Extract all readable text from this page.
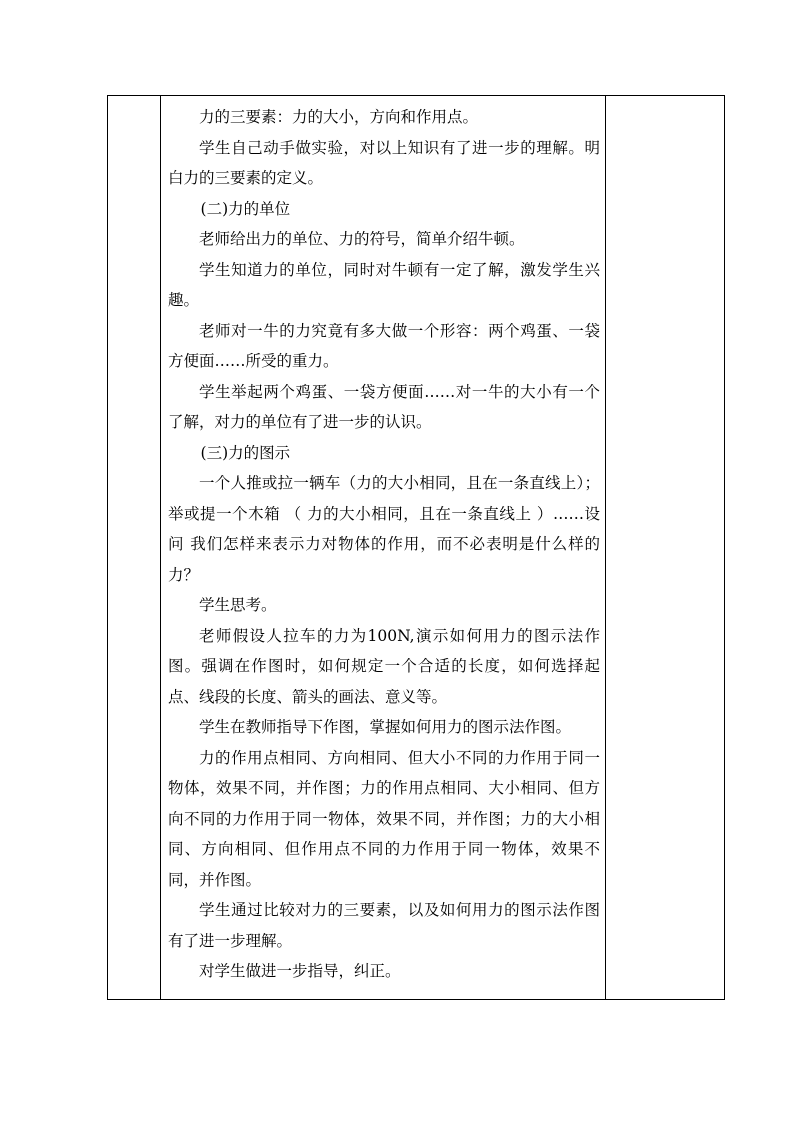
力的三要素：力的大小，方向和作用点。

学生自己动手做实验，对以上知识有了进一步的理解。明白力的三要素的定义。

(二)力的单位

老师给出力的单位、力的符号，简单介绍牛顿。

学生知道力的单位，同时对牛顿有一定了解，激发学生兴趣。

老师对一牛的力究竟有多大做一个形容：两个鸡蛋、一袋方便面……所受的重力。

学生举起两个鸡蛋、一袋方便面……对一牛的大小有一个了解，对力的单位有了进一步的认识。

(三)力的图示

一个人推或拉一辆车（力的大小相同，且在一条直线上）；举或提一个木箱 （ 力的大小相同，且在一条直线上 ）……设问 我们怎样来表示力对物体的作用，而不必表明是什么样的力？

学生思考。

老师假设人拉车的力为100N,演示如何用力的图示法作图。强调在作图时，如何规定一个合适的长度，如何选择起点、线段的长度、箭头的画法、意义等。

学生在教师指导下作图，掌握如何用力的图示法作图。

力的作用点相同、方向相同、但大小不同的力作用于同一物体，效果不同，并作图；力的作用点相同、大小相同、但方向不同的力作用于同一物体，效果不同，并作图；力的大小相同、方向相同、但作用点不同的力作用于同一物体，效果不同，并作图。

学生通过比较对力的三要素，以及如何用力的图示法作图有了进一步理解。

对学生做进一步指导，纠正。
